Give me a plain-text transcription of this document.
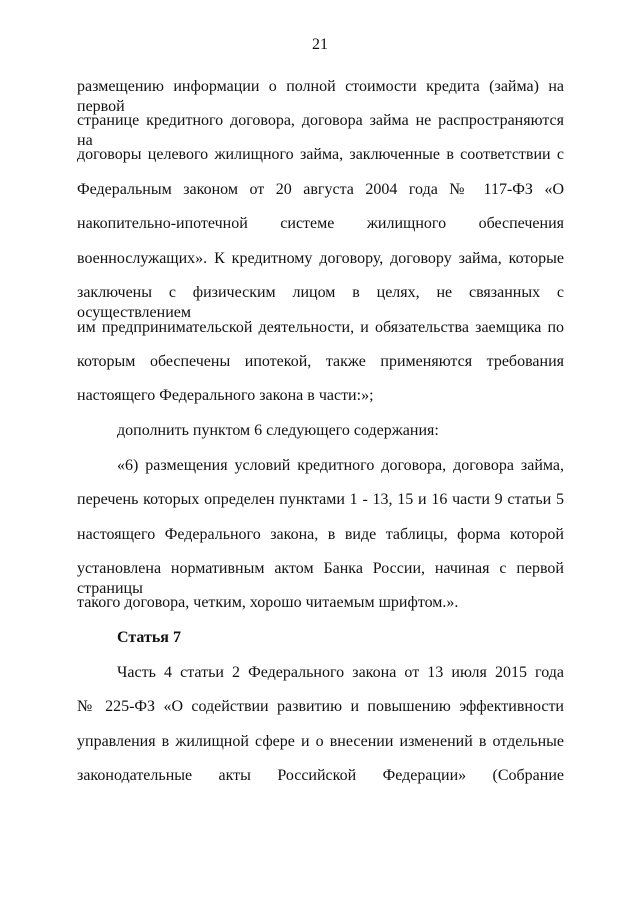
21
размещению информации о полной стоимости кредита (займа) на первой
странице кредитного договора, договора займа не распространяются на
договоры целевого жилищного займа, заключенные в соответствии с
Федеральным законом от 20 августа 2004 года № 117-ФЗ «О
накопительно-ипотечной системе жилищного обеспечения
военнослужащих». К кредитному договору, договору займа, которые
заключены с физическим лицом в целях, не связанных с осуществлением
им предпринимательской деятельности, и обязательства заемщика по
которым обеспечены ипотекой, также применяются требования
настоящего Федерального закона в части:»;
дополнить пунктом 6 следующего содержания:
«6) размещения условий кредитного договора, договора займа,
перечень которых определен пунктами 1 - 13, 15 и 16 части 9 статьи 5
настоящего Федерального закона, в виде таблицы, форма которой
установлена нормативным актом Банка России, начиная с первой страницы
такого договора, четким, хорошо читаемым шрифтом.».
Статья 7
Часть 4 статьи 2 Федерального закона от 13 июля 2015 года
№ 225-ФЗ «О содействии развитию и повышению эффективности
управления в жилищной сфере и о внесении изменений в отдельные
законодательные акты Российской Федерации» (Собрание
